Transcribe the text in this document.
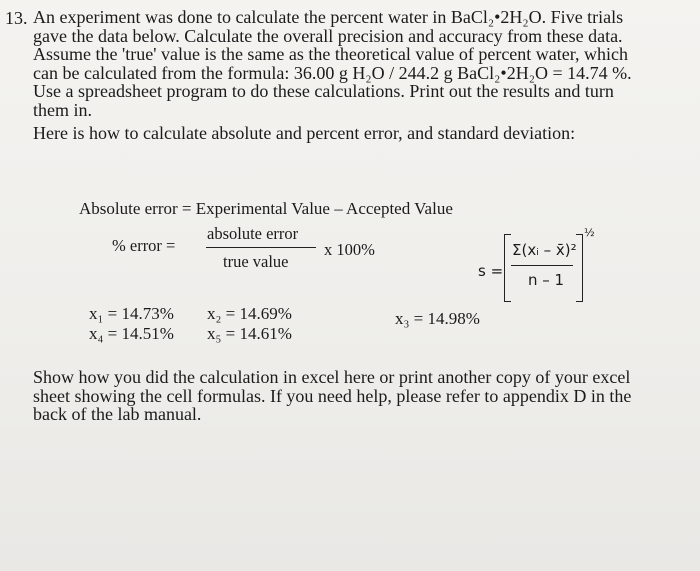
13. An experiment was done to calculate the percent water in BaCl₂•2H₂O. Five trials
gave the data below. Calculate the overall precision and accuracy from these data.
Assume the 'true' value is the same as the theoretical value of percent water, which
can be calculated from the formula: 36.00 g H₂O / 244.2 g BaCl₂•2H₂O = 14.74 %.
Use a spreadsheet program to do these calculations. Print out the results and turn
them in.
Here is how to calculate absolute and percent error, and standard deviation:
Absolute error = Experimental Value – Accepted Value
% error =
absolute error
true value
x 100%
s =
Σ(xᵢ – x̄)²
n – 1
½
x₁ = 14.73% x₂ = 14.69%	x₃ = 14.98%
x₄ = 14.51% x₅ = 14.61%
Show how you did the calculation in excel here or print another copy of your excel
sheet showing the cell formulas. If you need help, please refer to appendix D in the
back of the lab manual.
